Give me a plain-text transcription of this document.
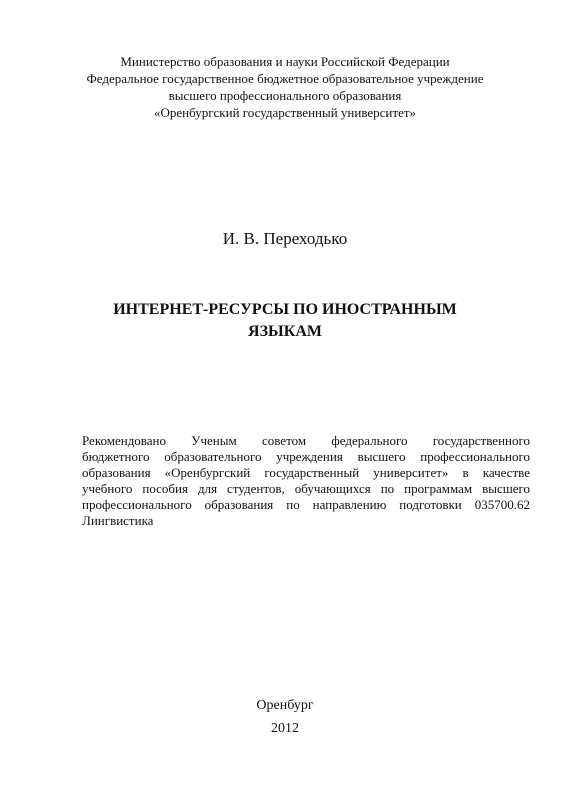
Министерство образования и науки Российской Федерации
Федеральное государственное бюджетное образовательное учреждение
высшего профессионального образования
«Оренбургский государственный университет»
И. В. Переходько
ИНТЕРНЕТ-РЕСУРСЫ ПО ИНОСТРАННЫМ
ЯЗЫКАМ
Рекомендовано Ученым советом федерального государственного
бюджетного образовательного учреждения высшего профессионального
образования «Оренбургский государственный университет» в качестве
учебного пособия для студентов, обучающихся по программам высшего
профессионального образования по направлению подготовки 035700.62
Лингвистика
Оренбург
2012
